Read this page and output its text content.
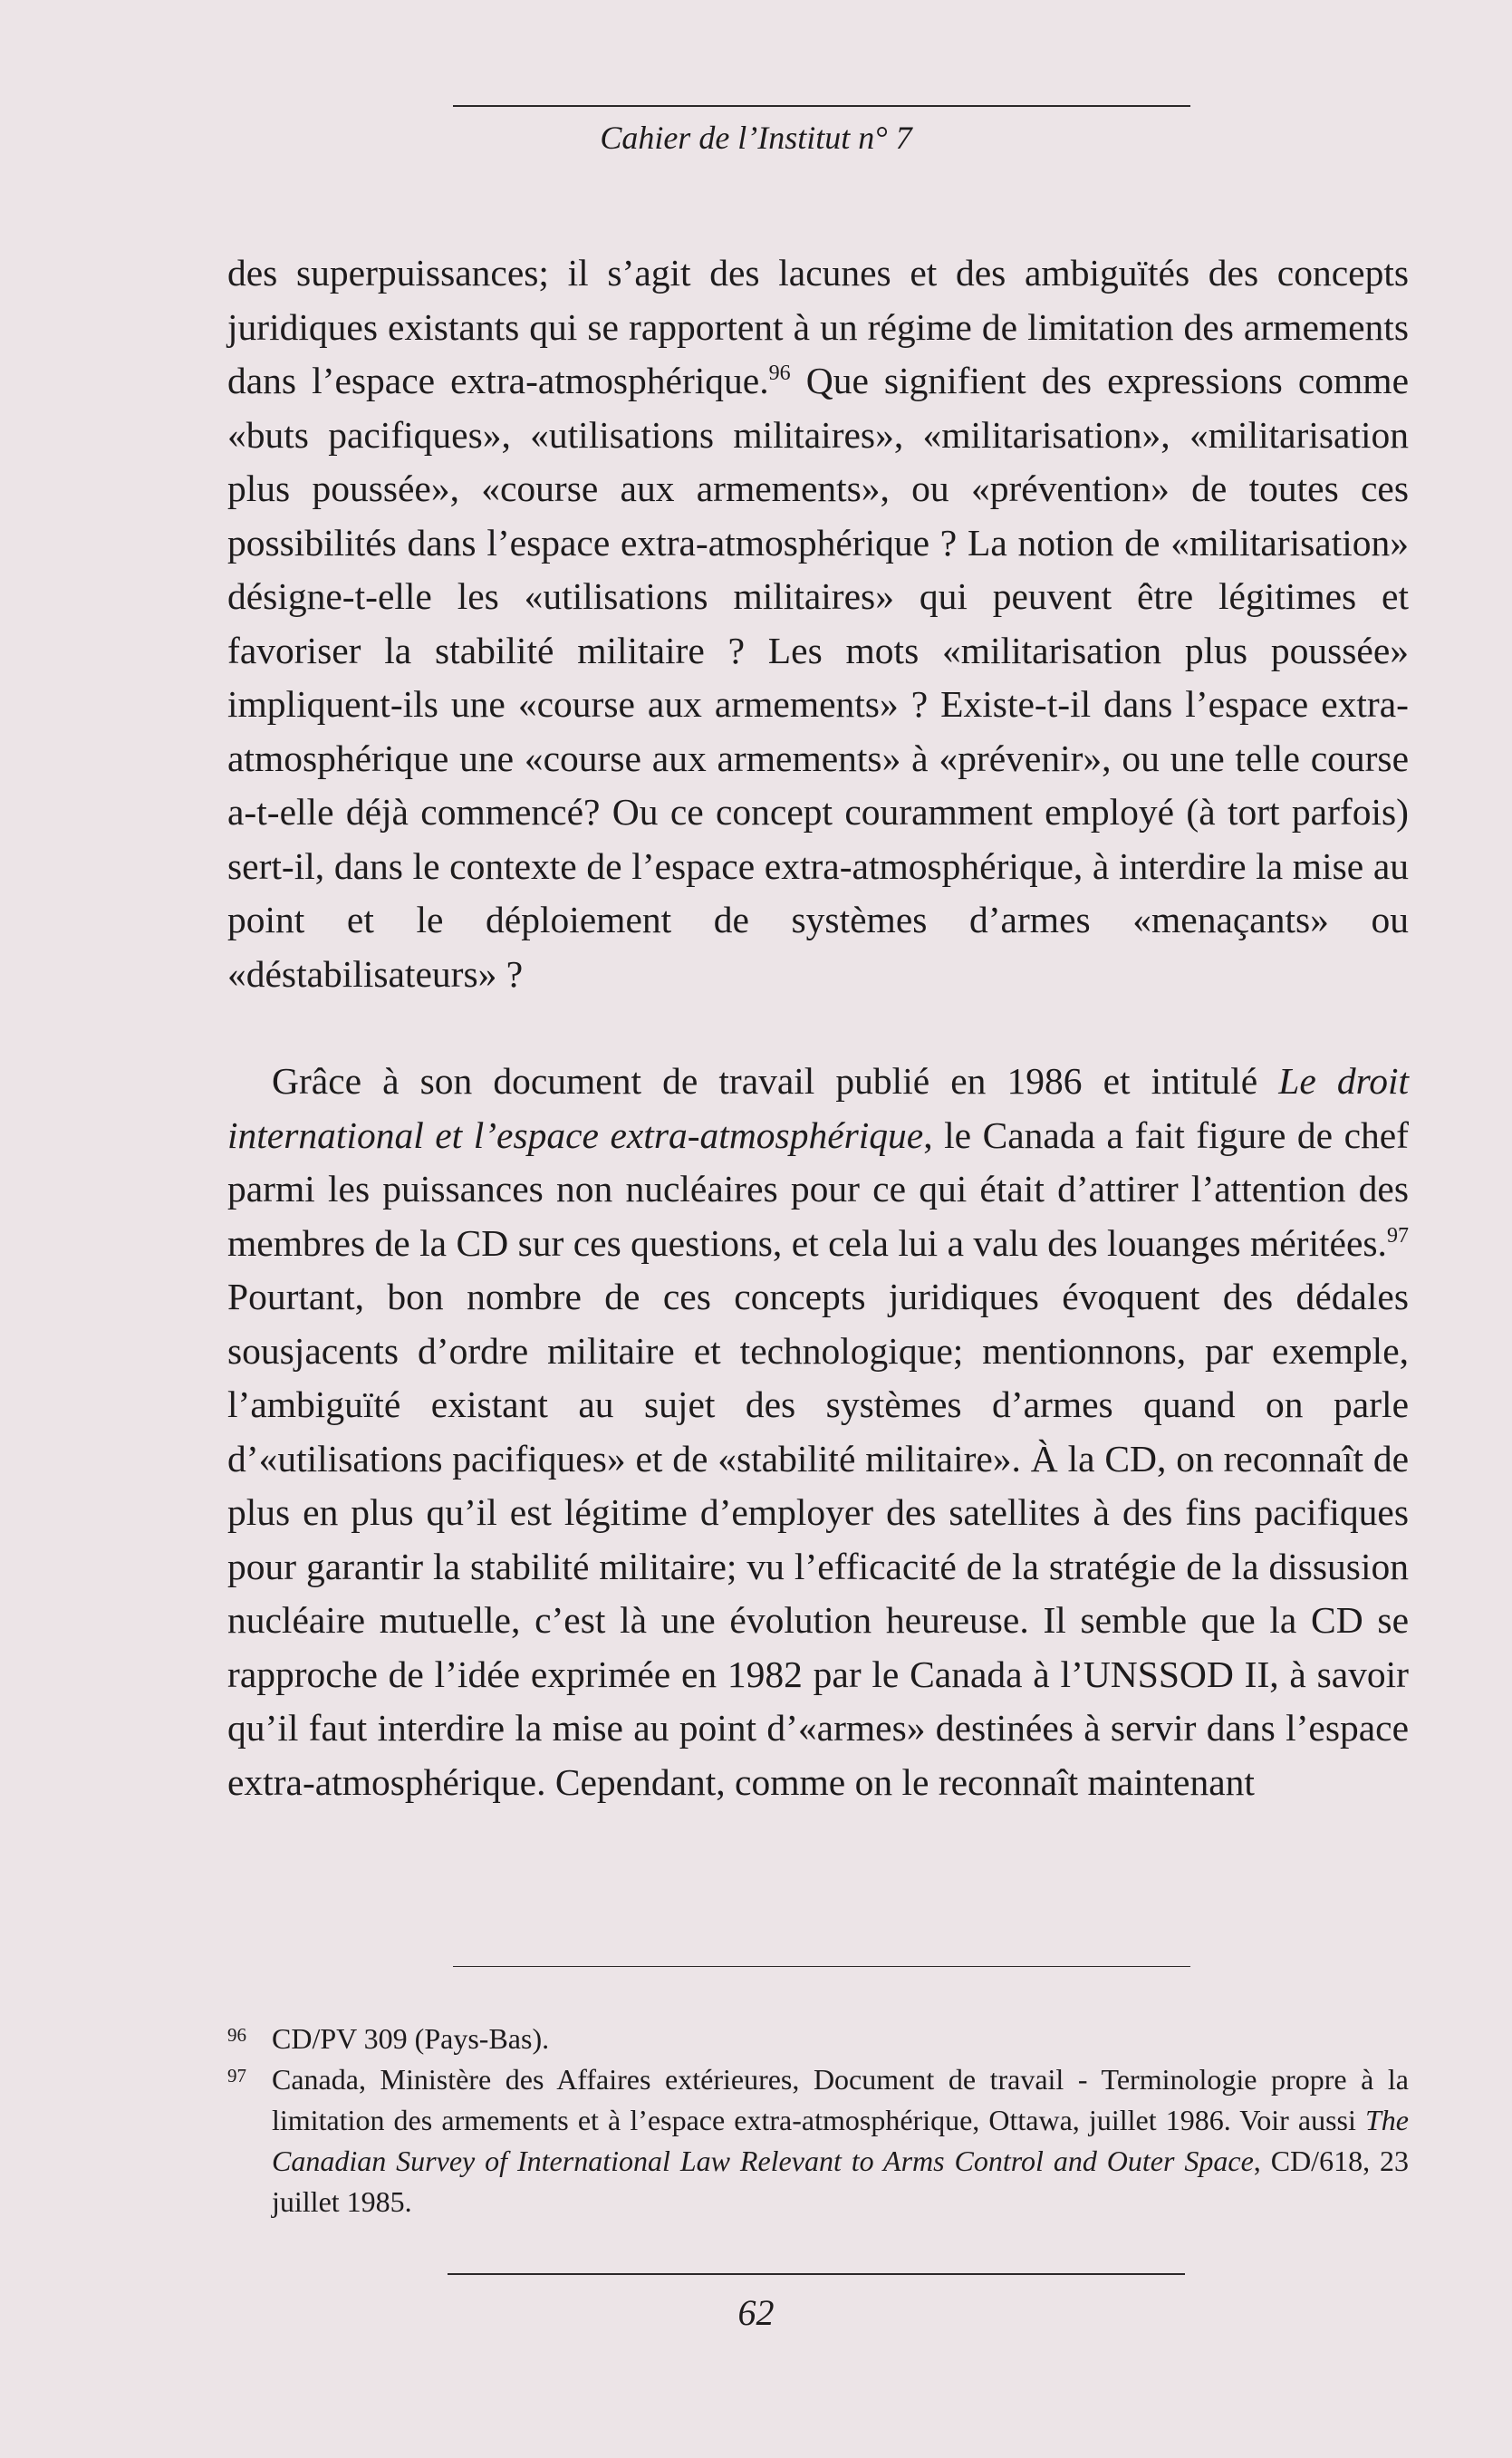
Cahier de l’Institut n° 7

des superpuissances; il s’agit des lacunes et des ambiguïtés des concepts juridiques existants qui se rapportent à un régime de limitation des armements dans l’espace extra-atmosphérique.$^{96}$ Que signifient des expressions comme «buts pacifiques», «utilisations militaires», «militarisation», «militarisation plus poussée», «course aux armements», ou «prévention» de toutes ces possibilités dans l’espace extra-atmosphérique ? La notion de «militarisation» désigne-t-elle les «utilisations militaires» qui peuvent être légitimes et favoriser la stabilité militaire ? Les mots «militarisation plus poussée» impliquent-ils une «course aux armements» ? Existe-t-il dans l’espace extra-atmosphérique une «course aux armements» à «prévenir», ou une telle course a-t-elle déjà commencé? Ou ce concept couramment employé (à tort parfois) sert-il, dans le contexte de l’espace extra-atmosphérique, à interdire la mise au point et le déploiement de systèmes d’armes «menaçants» ou «déstabilisateurs» ?

Grâce à son document de travail publié en 1986 et intitulé Le droit international et l’espace extra-atmosphérique, le Canada a fait figure de chef parmi les puissances non nucléaires pour ce qui était d’attirer l’attention des membres de la CD sur ces questions, et cela lui a valu des louanges méritées.$^{97}$ Pourtant, bon nombre de ces concepts juridiques évoquent des dédales sousjacents d’ordre militaire et technologique; mentionnons, par exemple, l’ambiguïté existant au sujet des systèmes d’armes quand on parle d’«utilisations pacifiques» et de «stabilité militaire». À la CD, on reconnaît de plus en plus qu’il est légitime d’employer des satellites à des fins pacifiques pour garantir la stabilité militaire; vu l’efficacité de la stratégie de la dissusion nucléaire mutuelle, c’est là une évolution heureuse. Il semble que la CD se rapproche de l’idée exprimée en 1982 par le Canada à l’UNSSOD II, à savoir qu’il faut interdire la mise au point d’«armes» destinées à servir dans l’espace extra-atmosphérique. Cependant, comme on le reconnaît maintenant

96 CD/PV 309 (Pays-Bas).
97 Canada, Ministère des Affaires extérieures, Document de travail - Terminologie propre à la limitation des armements et à l’espace extra-atmosphérique, Ottawa, juillet 1986. Voir aussi The Canadian Survey of International Law Relevant to Arms Control and Outer Space, CD/618, 23 juillet 1985.
62
